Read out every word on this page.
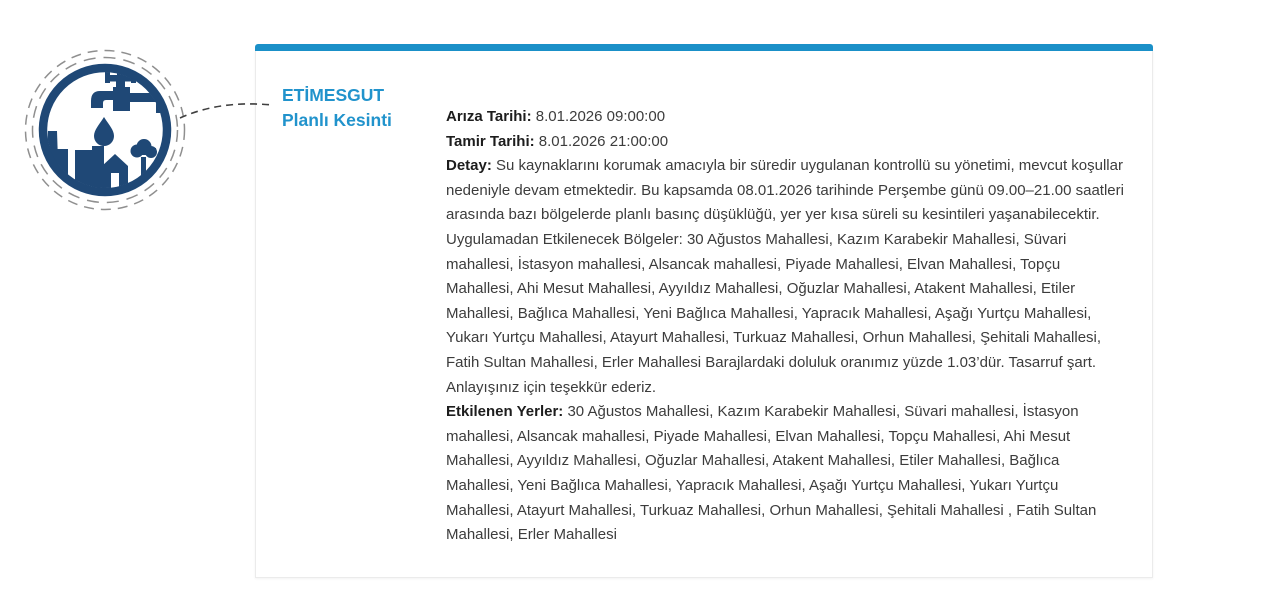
ETİMESGUT
Planlı Kesinti	Arıza Tarihi: 8.01.2026 09:00:00

Tamir Tarihi: 8.01.2026 21:00:00

Detay: Su kaynaklarını korumak amacıyla bir süredir uygulanan kontrollü su yönetimi, mevcut koşullar nedeniyle devam etmektedir. Bu kapsamda 08.01.2026 tarihinde Perşembe günü 09.00–21.00 saatleri arasında bazı bölgelerde planlı basınç düşüklüğü, yer yer kısa süreli su kesintileri yaşanabilecektir. Uygulamadan Etkilenecek Bölgeler: 30 Ağustos Mahallesi, Kazım Karabekir Mahallesi, Süvari mahallesi, İstasyon mahallesi, Alsancak mahallesi, Piyade Mahallesi, Elvan Mahallesi, Topçu Mahallesi, Ahi Mesut Mahallesi, Ayyıldız Mahallesi, Oğuzlar Mahallesi, Atakent Mahallesi, Etiler Mahallesi, Bağlıca Mahallesi, Yeni Bağlıca Mahallesi, Yapracık Mahallesi, Aşağı Yurtçu Mahallesi, Yukarı Yurtçu Mahallesi, Atayurt Mahallesi, Turkuaz Mahallesi, Orhun Mahallesi, Şehitali Mahallesi, Fatih Sultan Mahallesi, Erler Mahallesi Barajlardaki doluluk oranımız yüzde 1.03’dür. Tasarruf şart. Anlayışınız için teşekkür ederiz.

Etkilenen Yerler: 30 Ağustos Mahallesi, Kazım Karabekir Mahallesi, Süvari mahallesi, İstasyon mahallesi, Alsancak mahallesi, Piyade Mahallesi, Elvan Mahallesi, Topçu Mahallesi, Ahi Mesut Mahallesi, Ayyıldız Mahallesi, Oğuzlar Mahallesi, Atakent Mahallesi, Etiler Mahallesi, Bağlıca Mahallesi, Yeni Bağlıca Mahallesi, Yapracık Mahallesi, Aşağı Yurtçu Mahallesi, Yukarı Yurtçu Mahallesi, Atayurt Mahallesi, Turkuaz Mahallesi, Orhun Mahallesi, Şehitali Mahallesi , Fatih Sultan Mahallesi, Erler Mahallesi
